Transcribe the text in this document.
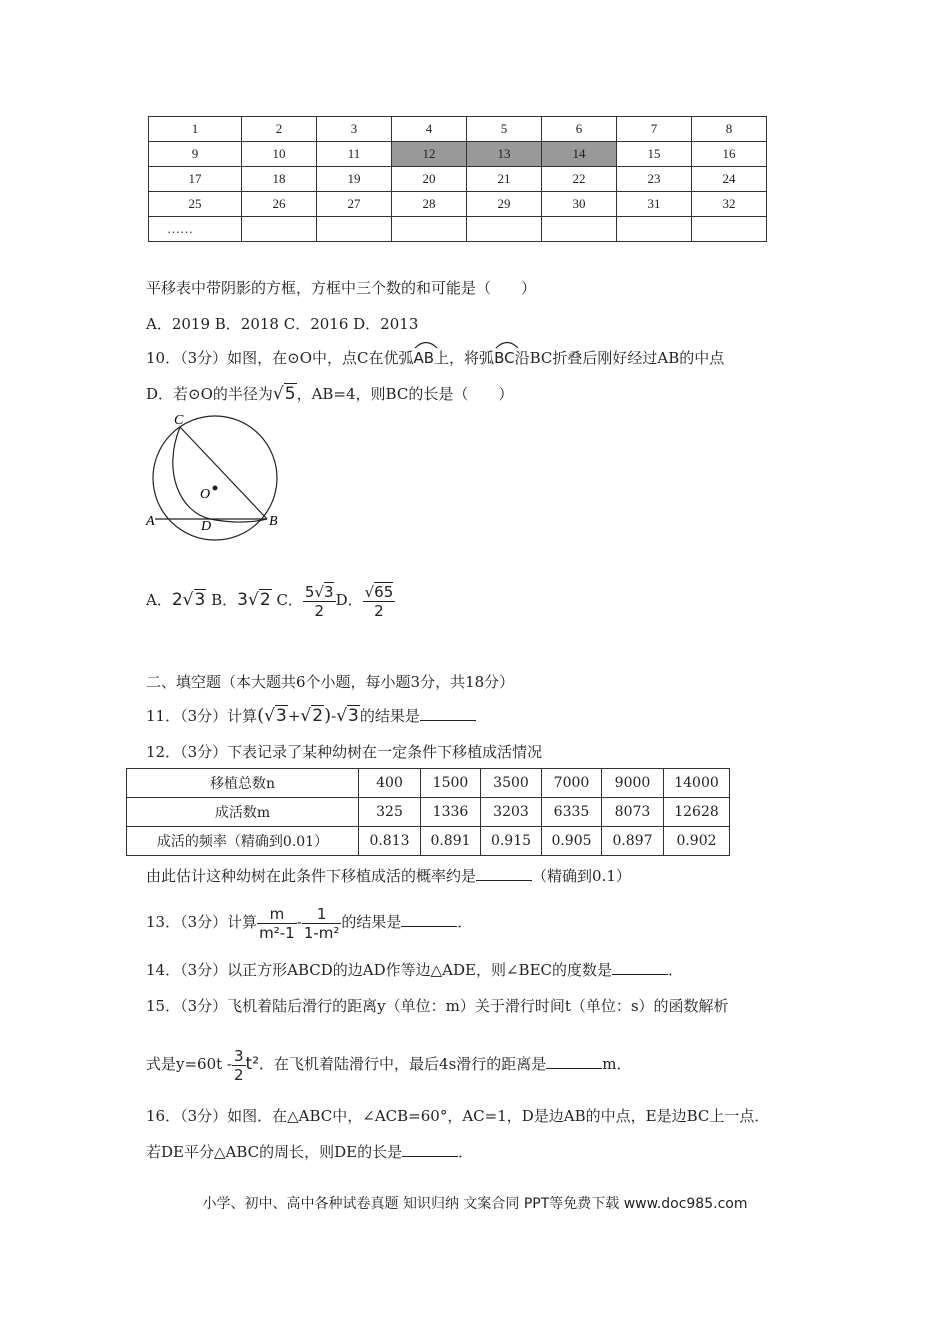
1	2	3	4	5	6	7	8
9	10	11	12	13	14	15	16
17	18	19	20	21	22	23	24
25	26	27	28	29	30	31	32
……							
平移表中带阴影的方框，方框中三个数的和可能是（　　）
A．2019 B．2018 C．2016 D．2013
10．（3分）如图，在⊙O中，点C在优弧
AB上，将弧
BC沿BC折叠后刚好经过AB的中点
D．若⊙O的半径为√5，AB=4，则BC的长是（　　）
C
O
A	D	B
A．2√3 B．3√2 C． $\frac{5√3}{2}$ D． $\frac{√65}{2}$
二、填空题（本大题共6个小题，每小题3分，共18分）
11．（3分）计算(√3+√2)-√3的结果是
12．（3分）下表记录了某种幼树在一定条件下移植成活情况
移植总数n	400	1500	3500	7000	9000	14000
成活数m	325	1336	3203	6335	8073	12628
成活的频率（精确到0.01）	0.813	0.891	0.915	0.905	0.897	0.902
由此估计这种幼树在此条件下移植成活的概率约是	（精确到0.1）
13．（3分）计算 $\frac{m}{\text{m²-1}} - \frac{1}{\text{1-m²}}$ 的结果是	．
14．（3分）以正方形ABCD的边AD作等边△ADE，则∠BEC的度数是	．
15．（3分）飞机着陆后滑行的距离y（单位：m）关于滑行时间t（单位：s）的函数解析
式是$y=60t - \frac{3}{2} t^2$．在飞机着陆滑行中，最后4s滑行的距离是	m．
16．（3分）如图．在△ABC中，∠ACB=60°，AC=1，D是边AB的中点，E是边BC上一点．
若DE平分△ABC的周长，则DE的长是	．
小学、初中、高中各种试卷真题 知识归纳 文案合同 PPT等免费下载 www.doc985.com
